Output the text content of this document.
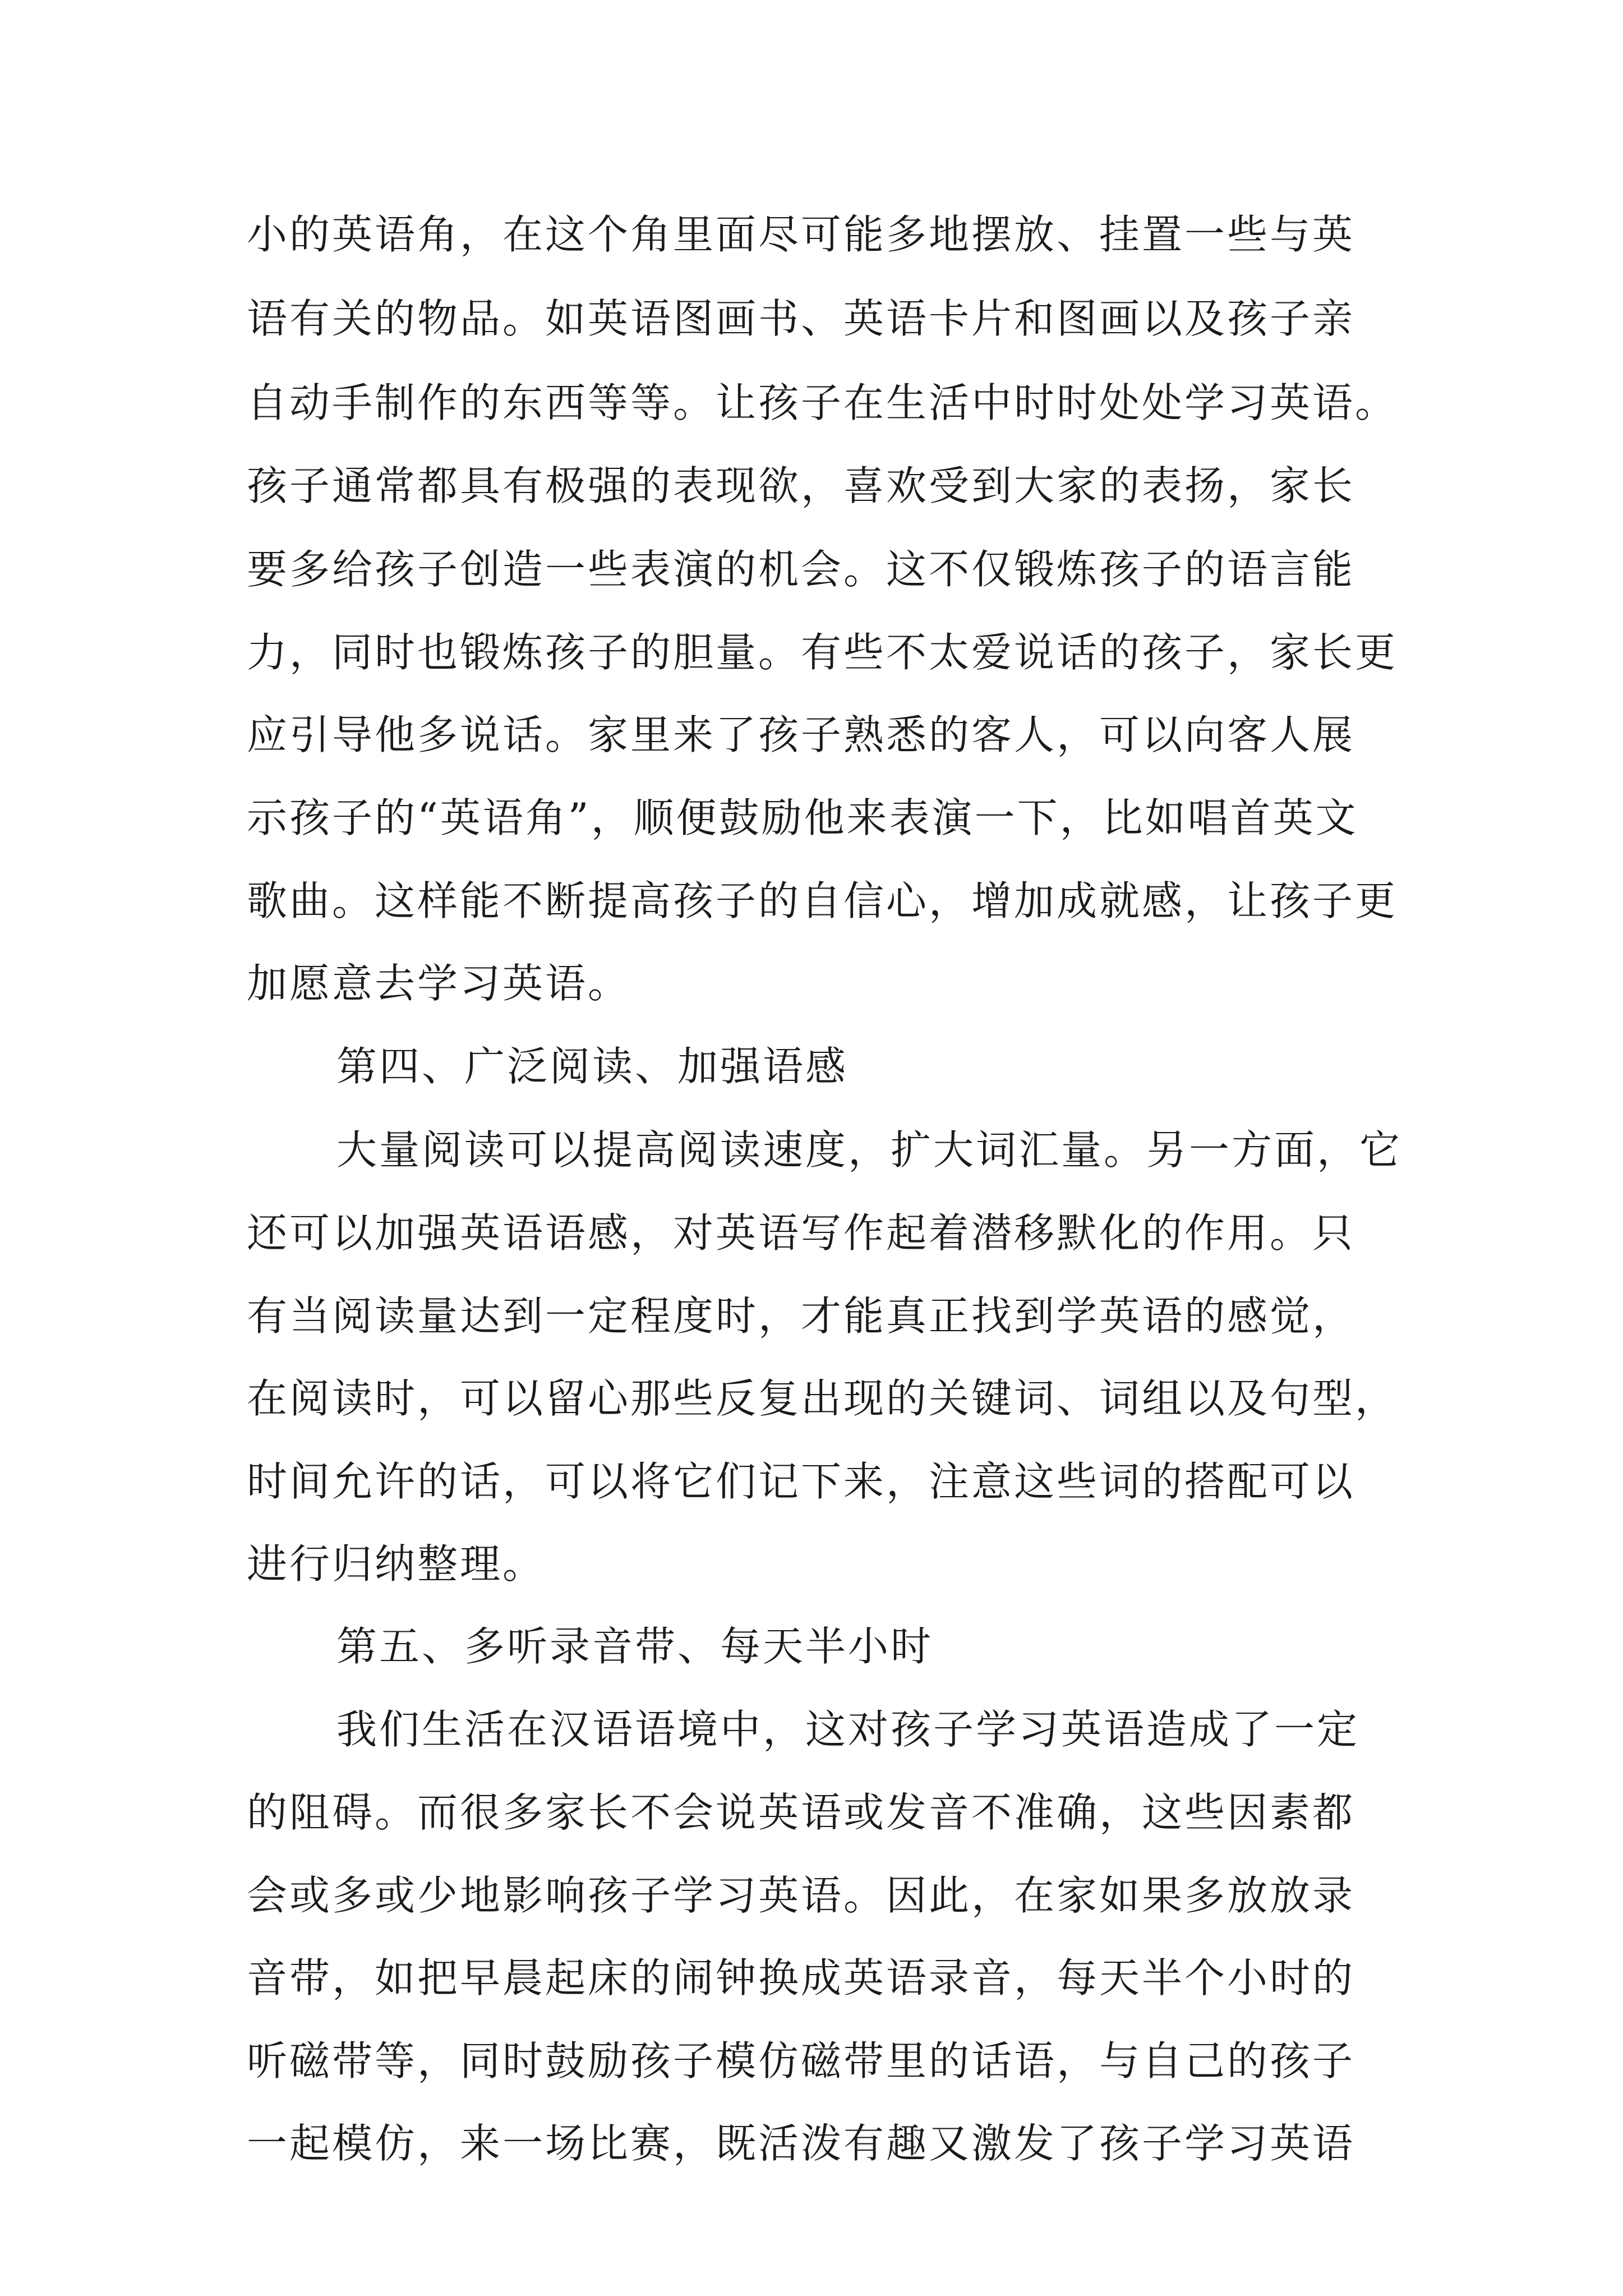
小的英语角，在这个角里面尽可能多地摆放、挂置一些与英
语有关的物品。如英语图画书、英语卡片和图画以及孩子亲
自动手制作的东西等等。让孩子在生活中时时处处学习英语。
孩子通常都具有极强的表现欲，喜欢受到大家的表扬，家长
要多给孩子创造一些表演的机会。这不仅锻炼孩子的语言能
力，同时也锻炼孩子的胆量。有些不太爱说话的孩子，家长更
应引导他多说话。家里来了孩子熟悉的客人，可以向客人展
示孩子的“英语角”，顺便鼓励他来表演一下，比如唱首英文
歌曲。这样能不断提高孩子的自信心，增加成就感，让孩子更
加愿意去学习英语。
第四、广泛阅读、加强语感
大量阅读可以提高阅读速度，扩大词汇量。另一方面，它
还可以加强英语语感，对英语写作起着潜移默化的作用。只
有当阅读量达到一定程度时，才能真正找到学英语的感觉，
在阅读时，可以留心那些反复出现的关键词、词组以及句型，
时间允许的话，可以将它们记下来，注意这些词的搭配可以
进行归纳整理。
第五、多听录音带、每天半小时
我们生活在汉语语境中，这对孩子学习英语造成了一定
的阻碍。而很多家长不会说英语或发音不准确，这些因素都
会或多或少地影响孩子学习英语。因此，在家如果多放放录
音带，如把早晨起床的闹钟换成英语录音，每天半个小时的
听磁带等，同时鼓励孩子模仿磁带里的话语，与自己的孩子
一起模仿，来一场比赛，既活泼有趣又激发了孩子学习英语
